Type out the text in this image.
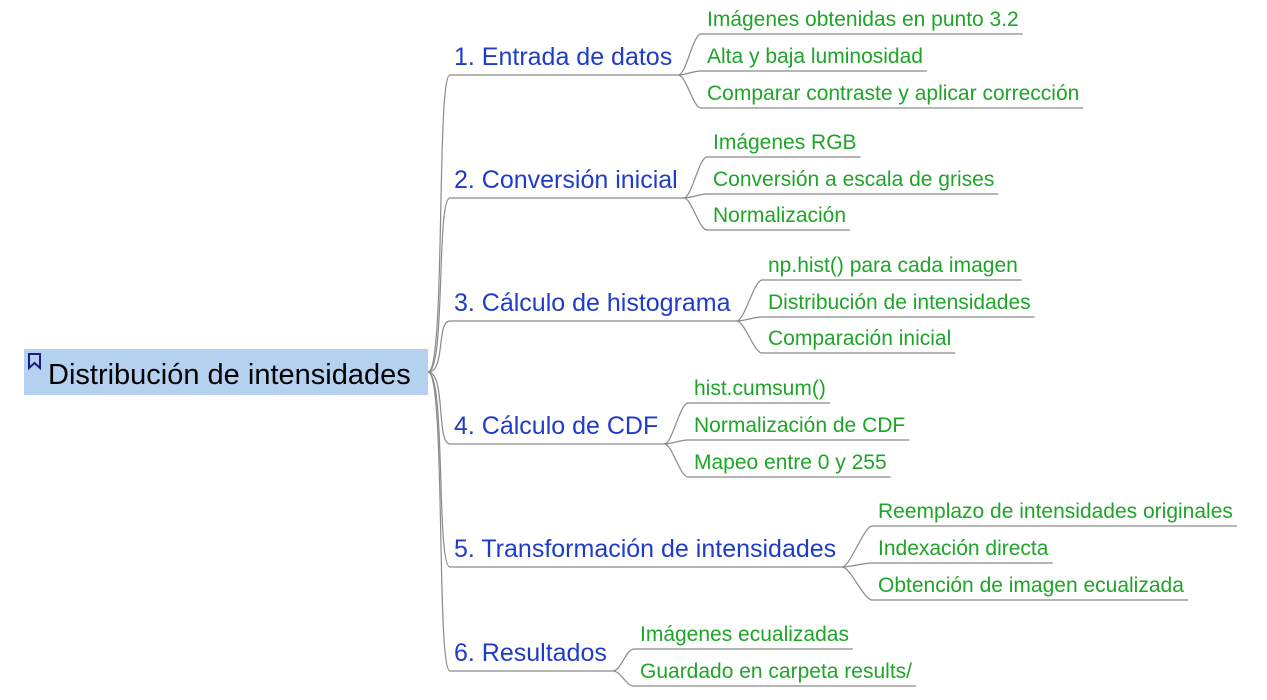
Distribución de intensidades
1. Entrada de datos
Imágenes obtenidas en punto 3.2
Alta y baja luminosidad
Comparar contraste y aplicar corrección
2. Conversión inicial
Imágenes RGB
Conversión a escala de grises
Normalización
3. Cálculo de histograma
np.hist() para cada imagen
Distribución de intensidades
Comparación inicial
4. Cálculo de CDF
hist.cumsum()
Normalización de CDF
Mapeo entre 0 y 255
5. Transformación de intensidades
Reemplazo de intensidades originales
Indexación directa
Obtención de imagen ecualizada
6. Resultados
Imágenes ecualizadas
Guardado en carpeta results/
